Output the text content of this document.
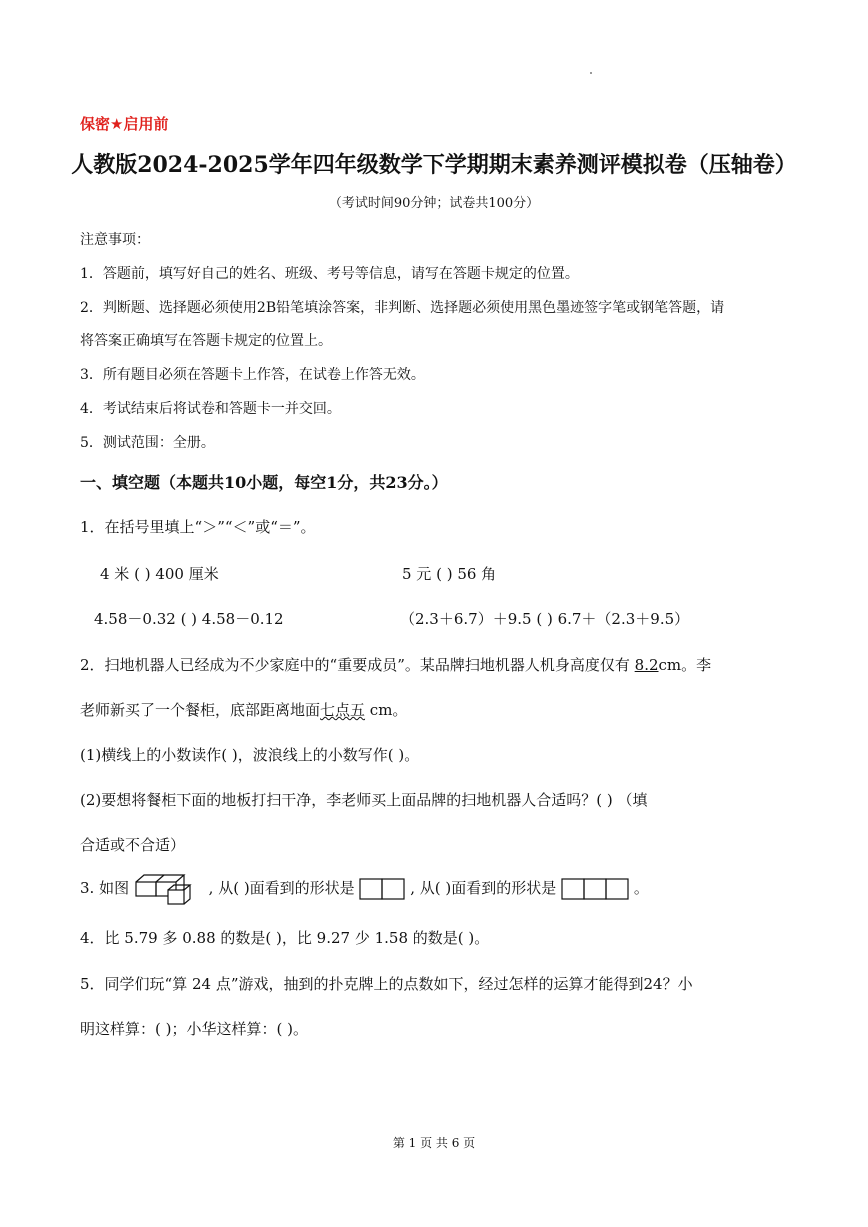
保密★启用前
人教版2024-2025学年四年级数学下学期期末素养测评模拟卷（压轴卷）
（考试时间90分钟；试卷共100分）
注意事项：
1．答题前，填写好自己的姓名、班级、考号等信息，请写在答题卡规定的位置。
2．判断题、选择题必须使用2B铅笔填涂答案，非判断、选择题必须使用黑色墨迹签字笔或钢笔答题，请
将答案正确填写在答题卡规定的位置上。
3．所有题目必须在答题卡上作答，在试卷上作答无效。
4．考试结束后将试卷和答题卡一并交回。
5．测试范围：全册。
一、填空题（本题共10小题，每空1分，共23分。）
1．在括号里填上“＞”“＜”或“＝”。
4 米 ( ) 400 厘米	5 元 ( ) 56 角
4.58－0.32 ( ) 4.58－0.12	（2.3＋6.7）＋9.5 ( ) 6.7＋（2.3＋9.5）
2．扫地机器人已经成为不少家庭中的“重要成员”。某品牌扫地机器人机身高度仅有 8.2cm。李
老师新买了一个餐柜，底部距离地面七点五 cm。
(1)横线上的小数读作( )，波浪线上的小数写作( )。
(2)要想将餐柜下面的地板打扫干净，李老师买上面品牌的扫地机器人合适吗？( ) （填
合适或不合适）
3. 如图	, 从( )面看到的形状是	, 从( )面看到的形状是	。
4．比 5.79 多 0.88 的数是( )，比 9.27 少 1.58 的数是( )。
5．同学们玩“算 24 点”游戏，抽到的扑克牌上的点数如下，经过怎样的运算才能得到24？小
明这样算：( )；小华这样算：( )。
第 1 页 共 6 页
